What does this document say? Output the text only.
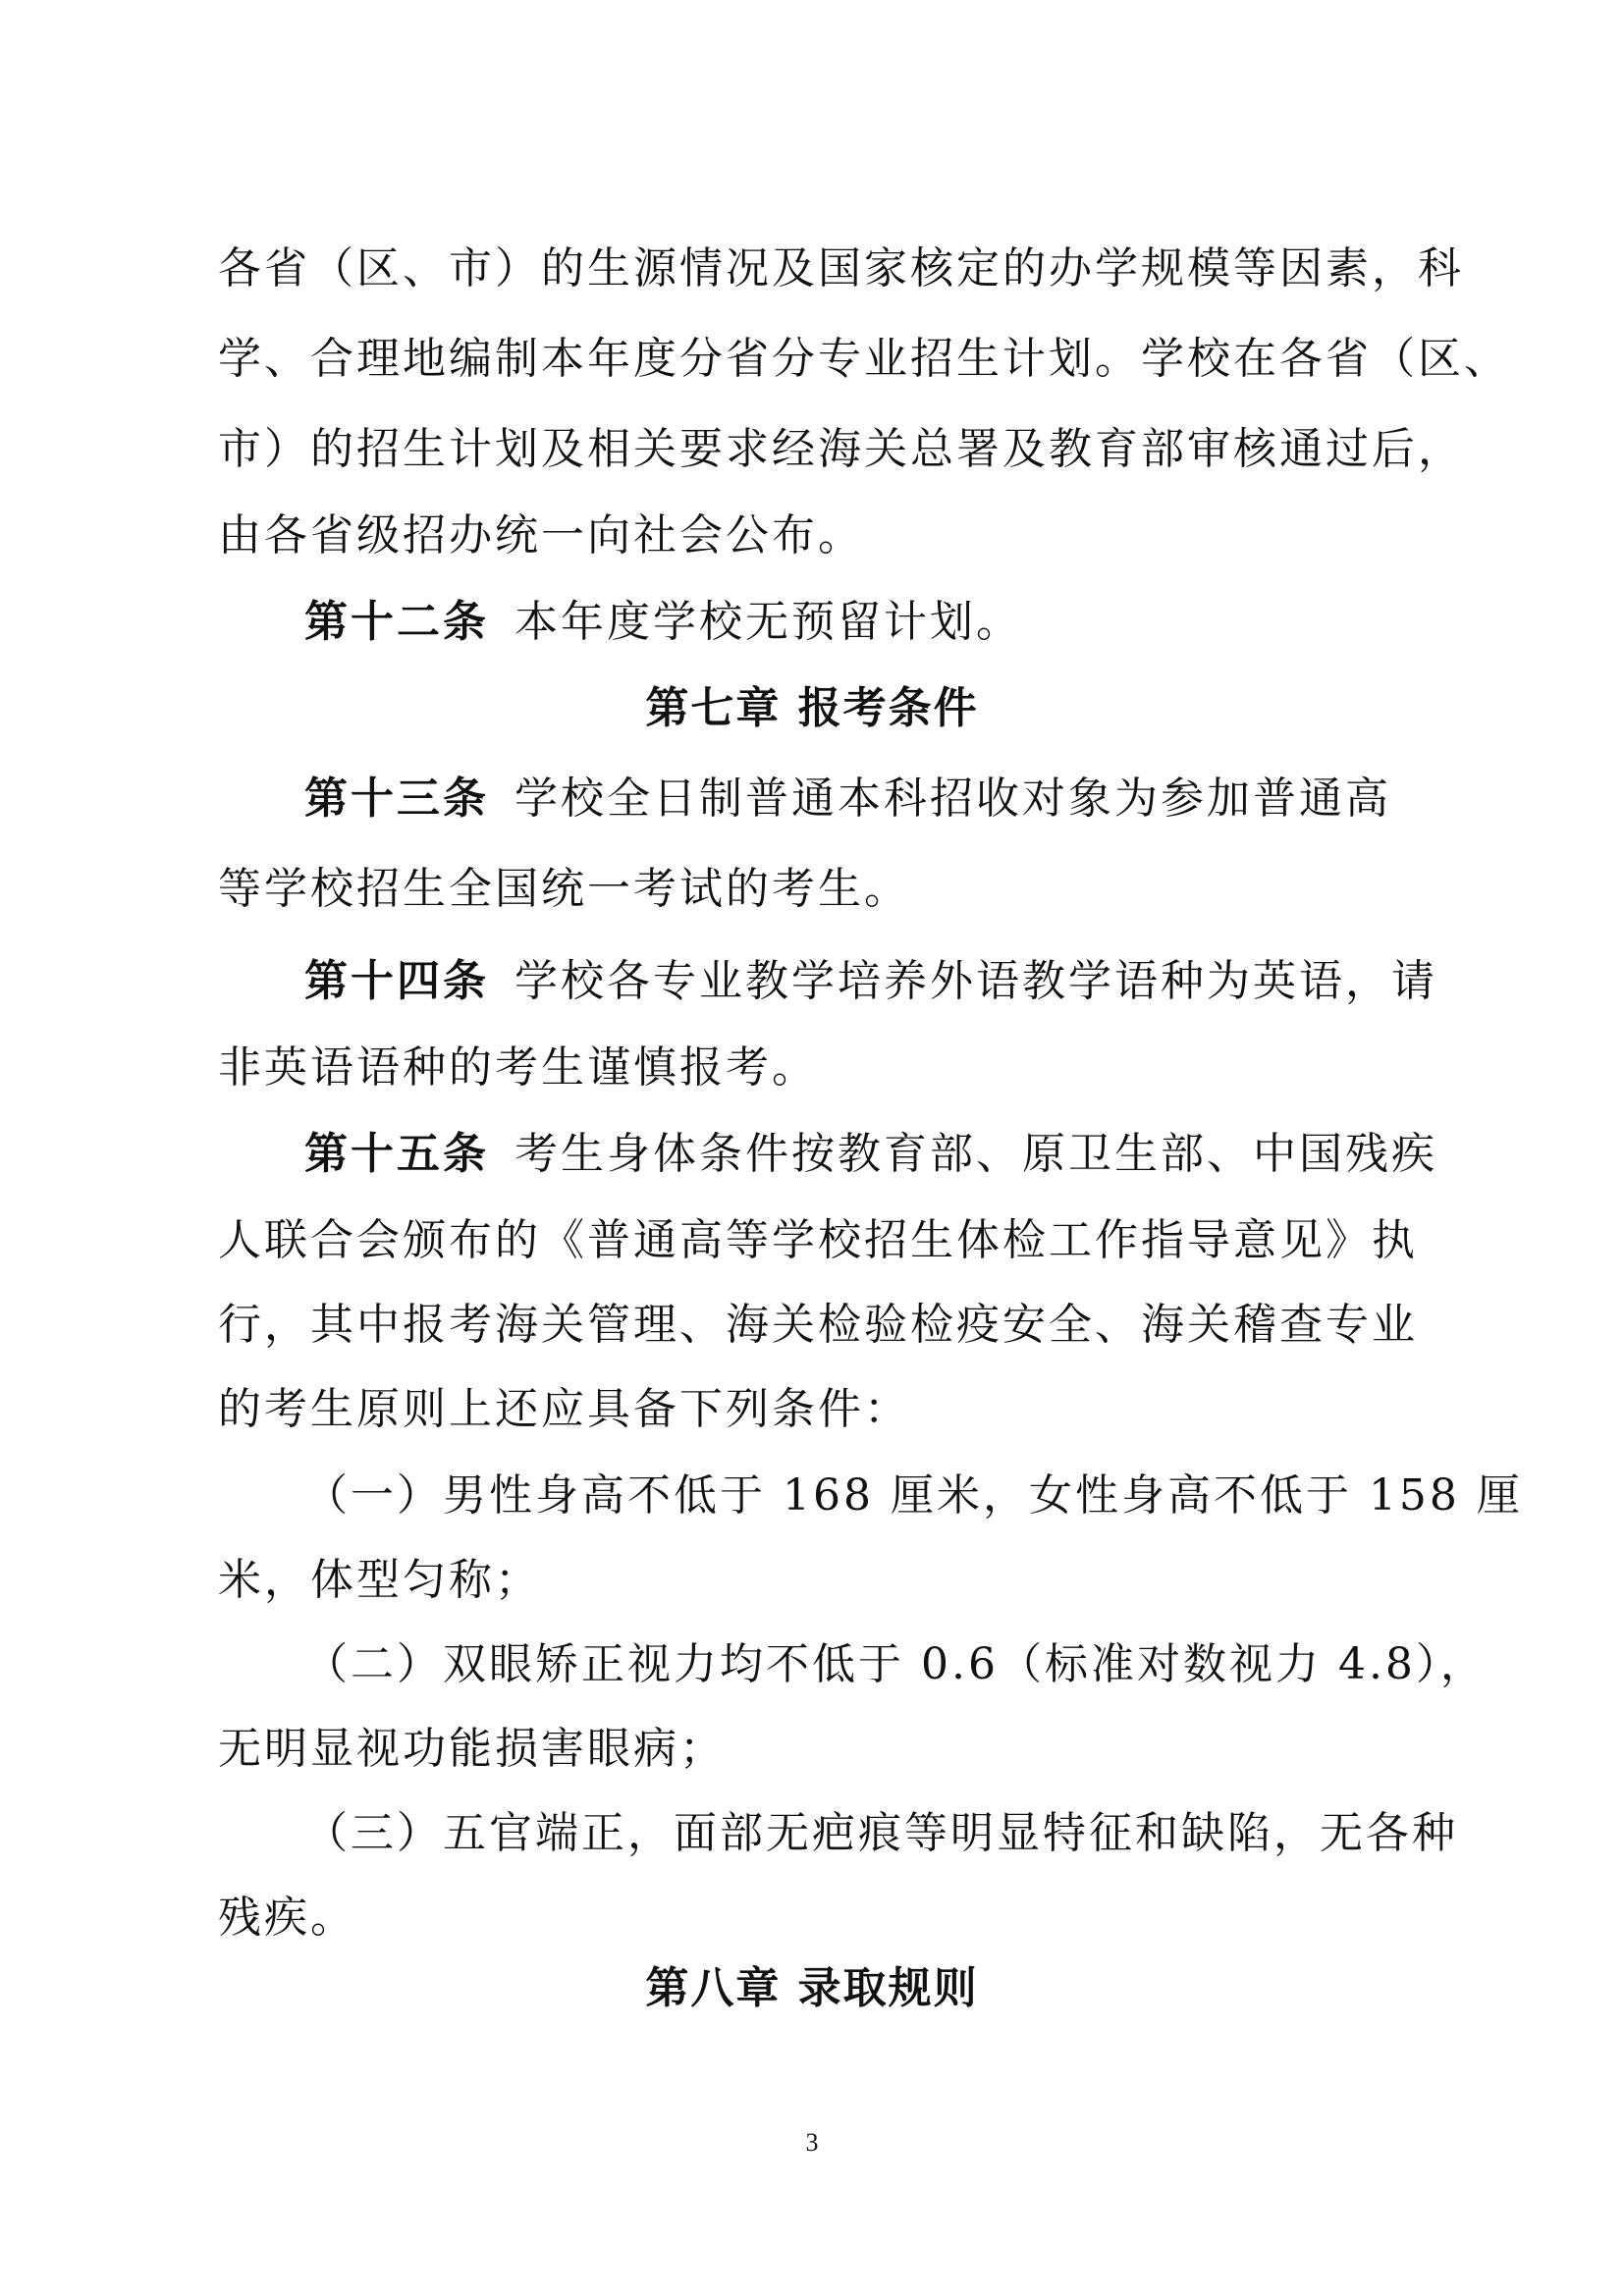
各省（区、市）的生源情况及国家核定的办学规模等因素，科
学、合理地编制本年度分省分专业招生计划。学校在各省（区、
市）的招生计划及相关要求经海关总署及教育部审核通过后，
由各省级招办统一向社会公布。
第十二条 本年度学校无预留计划。
第七章 报考条件
第十三条 学校全日制普通本科招收对象为参加普通高
等学校招生全国统一考试的考生。
第十四条 学校各专业教学培养外语教学语种为英语，请
非英语语种的考生谨慎报考。
第十五条 考生身体条件按教育部、原卫生部、中国残疾
人联合会颁布的《普通高等学校招生体检工作指导意见》执
行，其中报考海关管理、海关检验检疫安全、海关稽查专业
的考生原则上还应具备下列条件：
（一）男性身高不低于 168 厘米，女性身高不低于 158 厘
米，体型匀称；
（二）双眼矫正视力均不低于 0.6（标准对数视力 4.8），
无明显视功能损害眼病；
（三）五官端正，面部无疤痕等明显特征和缺陷，无各种
残疾。
第八章 录取规则
3
